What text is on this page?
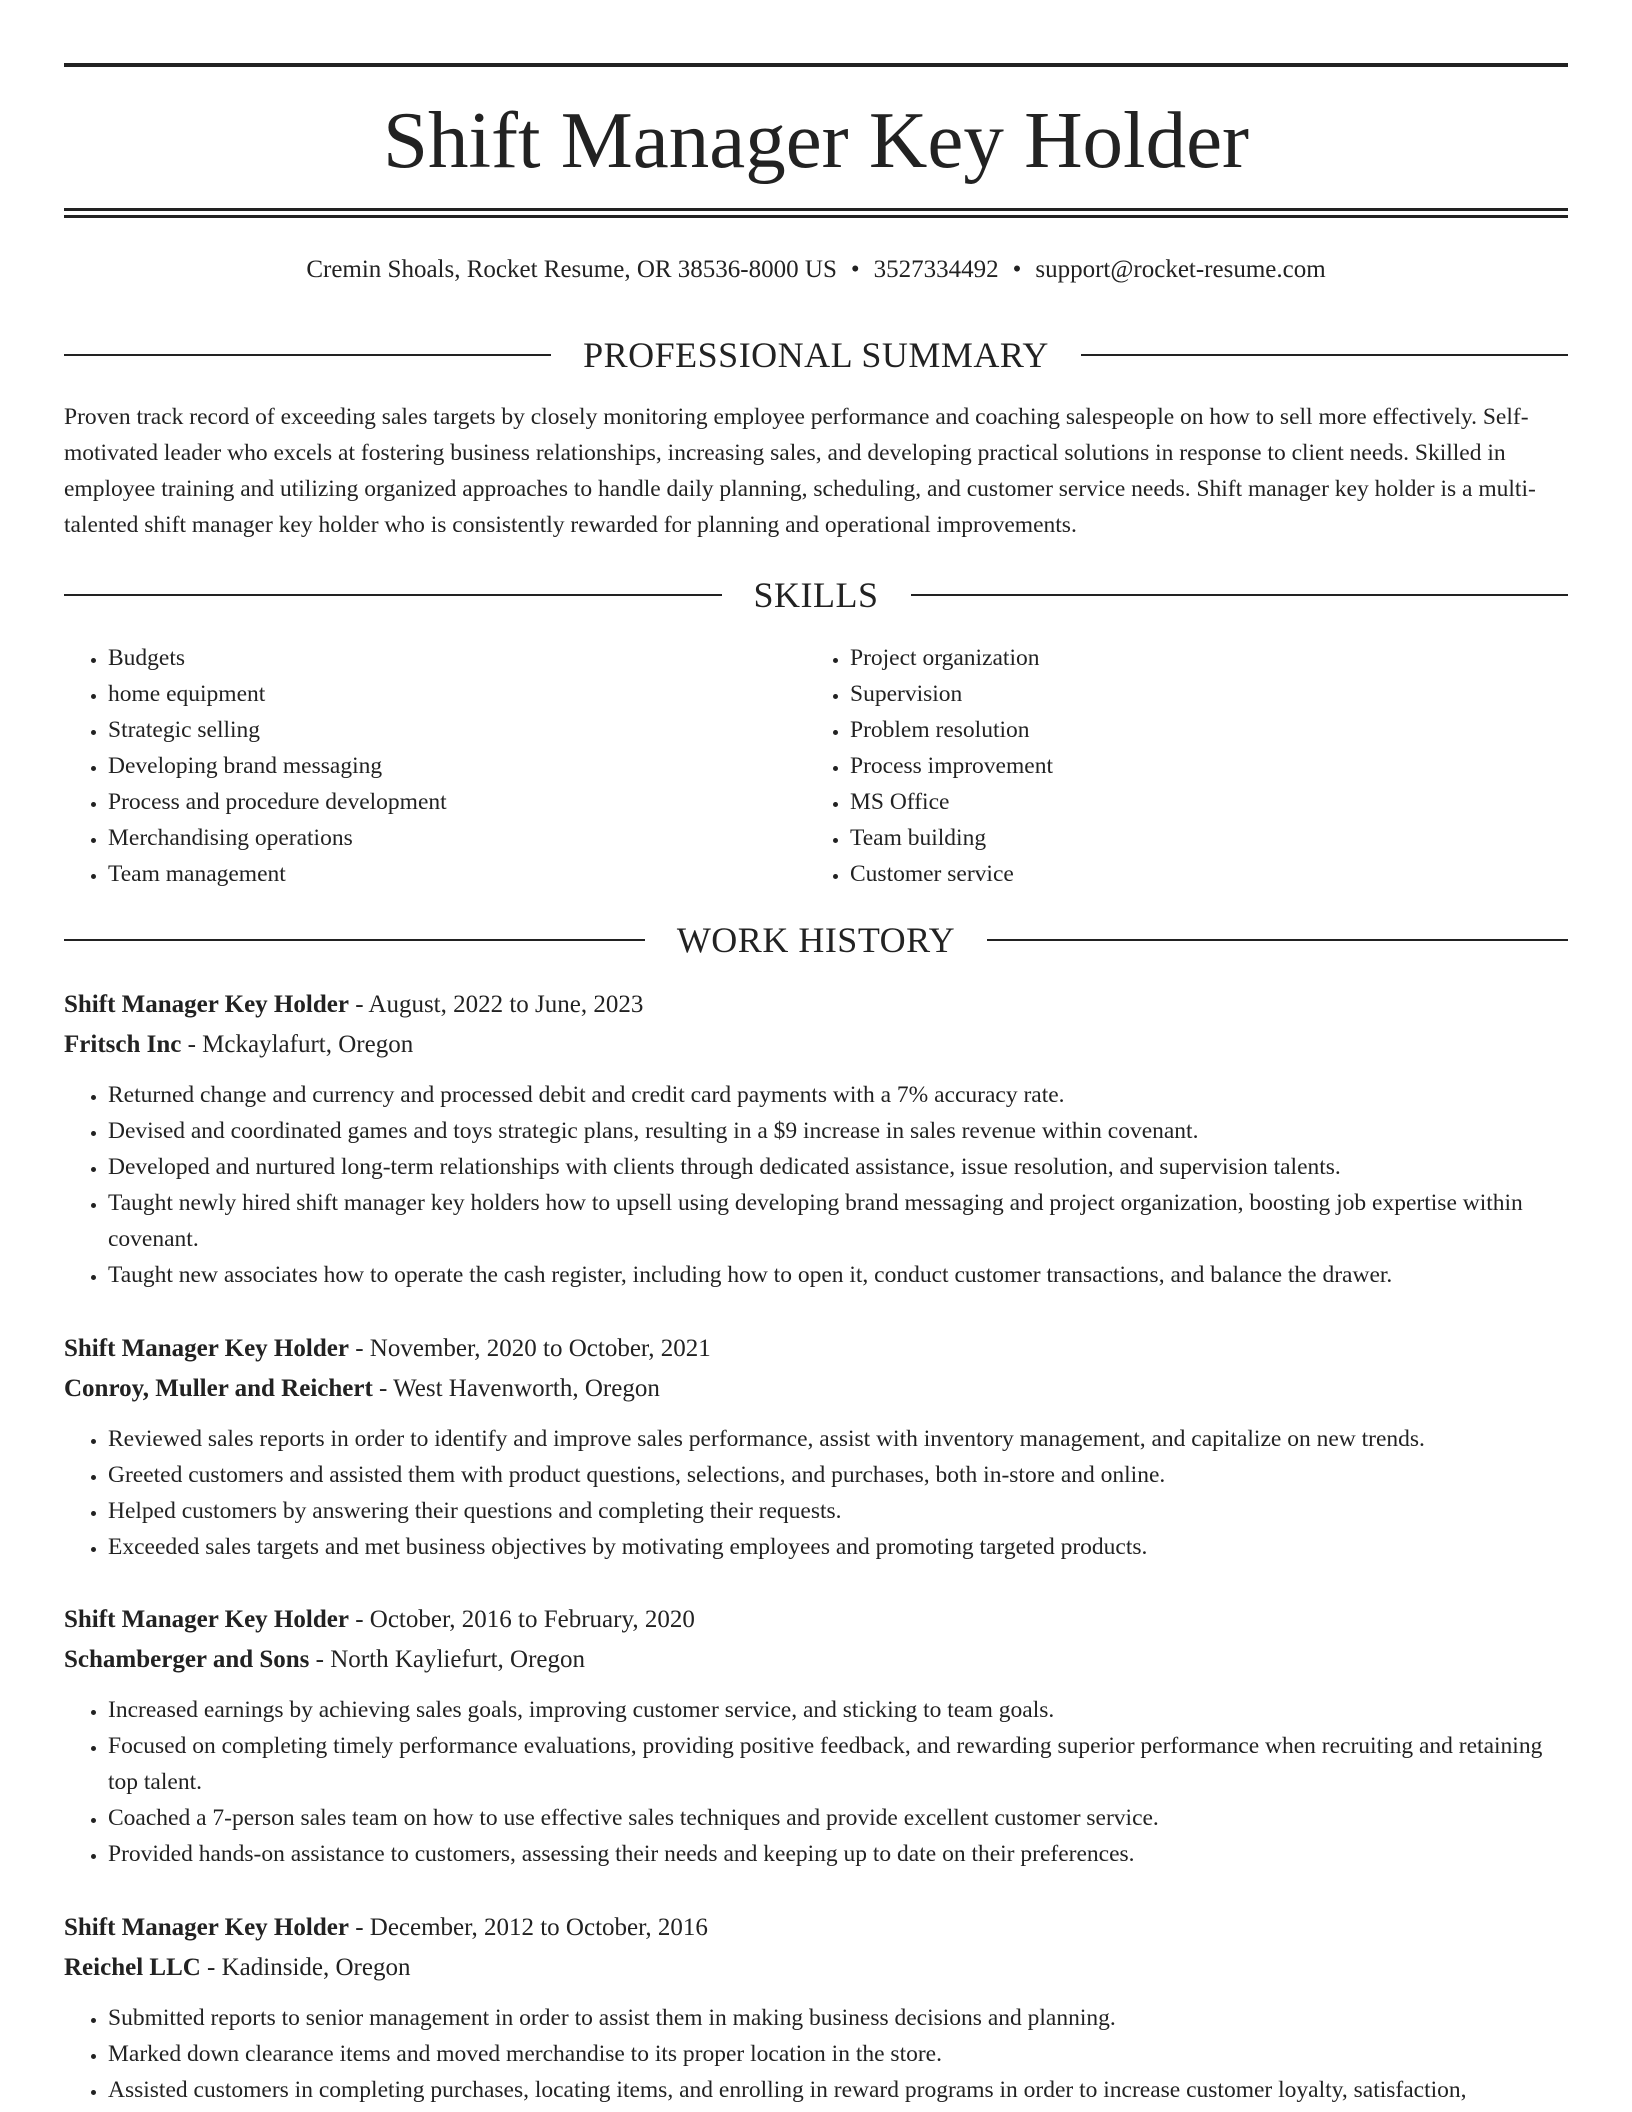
Shift Manager Key Holder
Cremin Shoals, Rocket Resume, OR 38536-8000 US • 3527334492 • support@rocket-resume.com
PROFESSIONAL SUMMARY

Proven track record of exceeding sales targets by closely monitoring employee performance and coaching salespeople on how to sell more effectively. Self-motivated leader who excels at fostering business relationships, increasing sales, and developing practical solutions in response to client needs. Skilled in employee training and utilizing organized approaches to handle daily planning, scheduling, and customer service needs. Shift manager key holder is a multi-talented shift manager key holder who is consistently rewarded for planning and operational improvements.

SKILLS
• Budgets
• home equipment
• Strategic selling
• Developing brand messaging
• Process and procedure development
• Merchandising operations
• Team management
• Project organization
• Supervision
• Problem resolution
• Process improvement
• MS Office
• Team building
• Customer service
WORK HISTORY
Shift Manager Key Holder - August, 2022 to June, 2023
Fritsch Inc - Mckaylafurt, Oregon
• Returned change and currency and processed debit and credit card payments with a 7% accuracy rate.
• Devised and coordinated games and toys strategic plans, resulting in a $9 increase in sales revenue within covenant.
• Developed and nurtured long-term relationships with clients through dedicated assistance, issue resolution, and supervision talents.
• Taught newly hired shift manager key holders how to upsell using developing brand messaging and project organization, boosting job expertise within covenant.
• Taught new associates how to operate the cash register, including how to open it, conduct customer transactions, and balance the drawer.
Shift Manager Key Holder - November, 2020 to October, 2021
Conroy, Muller and Reichert - West Havenworth, Oregon
• Reviewed sales reports in order to identify and improve sales performance, assist with inventory management, and capitalize on new trends.
• Greeted customers and assisted them with product questions, selections, and purchases, both in-store and online.
• Helped customers by answering their questions and completing their requests.
• Exceeded sales targets and met business objectives by motivating employees and promoting targeted products.
Shift Manager Key Holder - October, 2016 to February, 2020
Schamberger and Sons - North Kayliefurt, Oregon
• Increased earnings by achieving sales goals, improving customer service, and sticking to team goals.
• Focused on completing timely performance evaluations, providing positive feedback, and rewarding superior performance when recruiting and retaining top talent.
• Coached a 7-person sales team on how to use effective sales techniques and provide excellent customer service.
• Provided hands-on assistance to customers, assessing their needs and keeping up to date on their preferences.
Shift Manager Key Holder - December, 2012 to October, 2016
Reichel LLC - Kadinside, Oregon
• Submitted reports to senior management in order to assist them in making business decisions and planning.
• Marked down clearance items and moved merchandise to its proper location in the store.
• Assisted customers in completing purchases, locating items, and enrolling in reward programs in order to increase customer loyalty, satisfaction,
